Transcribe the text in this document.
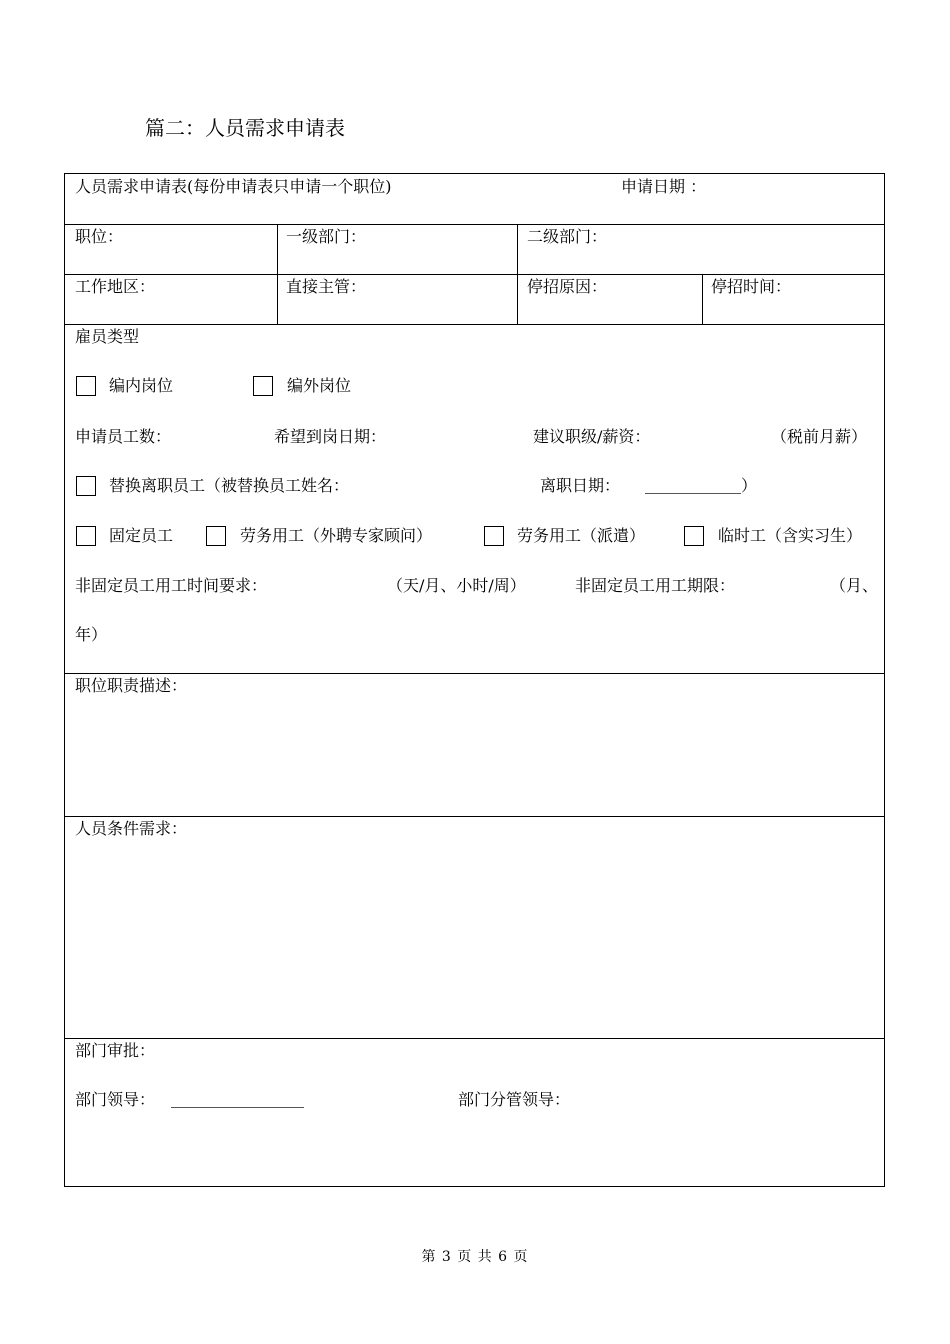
篇二：人员需求申请表
人员需求申请表(每份申请表只申请一个职位)	申请日期 ：
职位：	一级部门：	二级部门：
工作地区：	直接主管：	停招原因：	停招时间：
雇员类型
编内岗位	编外岗位
申请员工数：	希望到岗日期：	建议职级/薪资：	（税前月薪）
替换离职员工（被替换员工姓名：	离职日期：	）
固定员工	劳务用工（外聘专家顾问）	劳务用工（派遣）	临时工（含实习生）
非固定员工用工时间要求：	（天/月、小时/周）	非固定员工用工期限：	（月、
年）
职位职责描述：
人员条件需求：
部门审批：
部门领导：	部门分管领导：
第 3 页 共 6 页
